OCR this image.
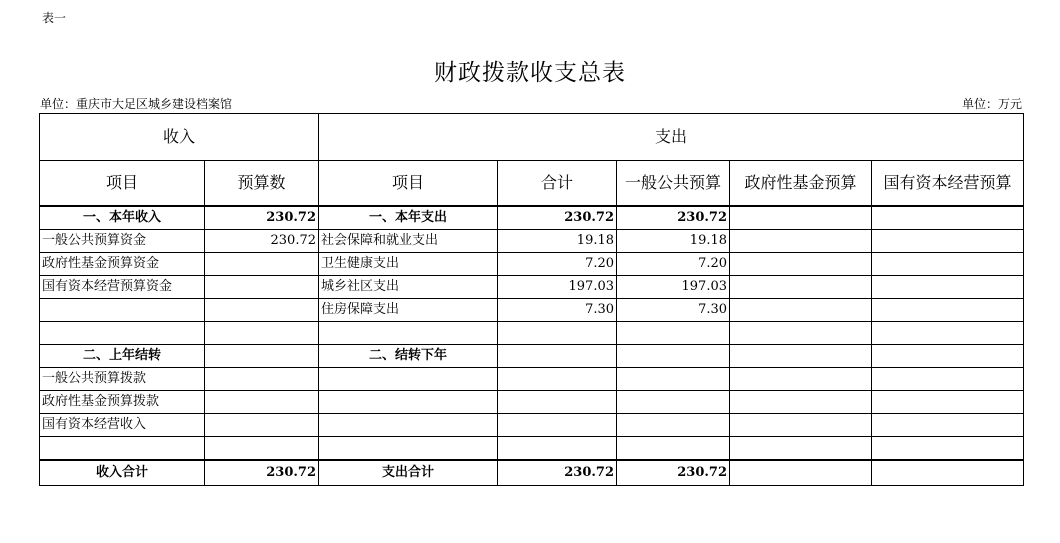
表一
财政拨款收支总表
单位：重庆市大足区城乡建设档案馆	单位：万元
收入		支出				
项目	预算数	项目	合计	一般公共预算	政府性基金预算	国有资本经营预算
一、本年收入	230.72	一、本年支出	230.72	230.72		
一般公共预算资金	230.72	社会保障和就业支出	19.18	19.18		
政府性基金预算资金		卫生健康支出	7.20	7.20		
国有资本经营预算资金		城乡社区支出	197.03	197.03		
		住房保障支出	7.30	7.30		

二、上年结转		二、结转下年				
一般公共预算拨款						
政府性基金预算拨款						
国有资本经营收入						

收入合计	230.72	支出合计	230.72	230.72		
